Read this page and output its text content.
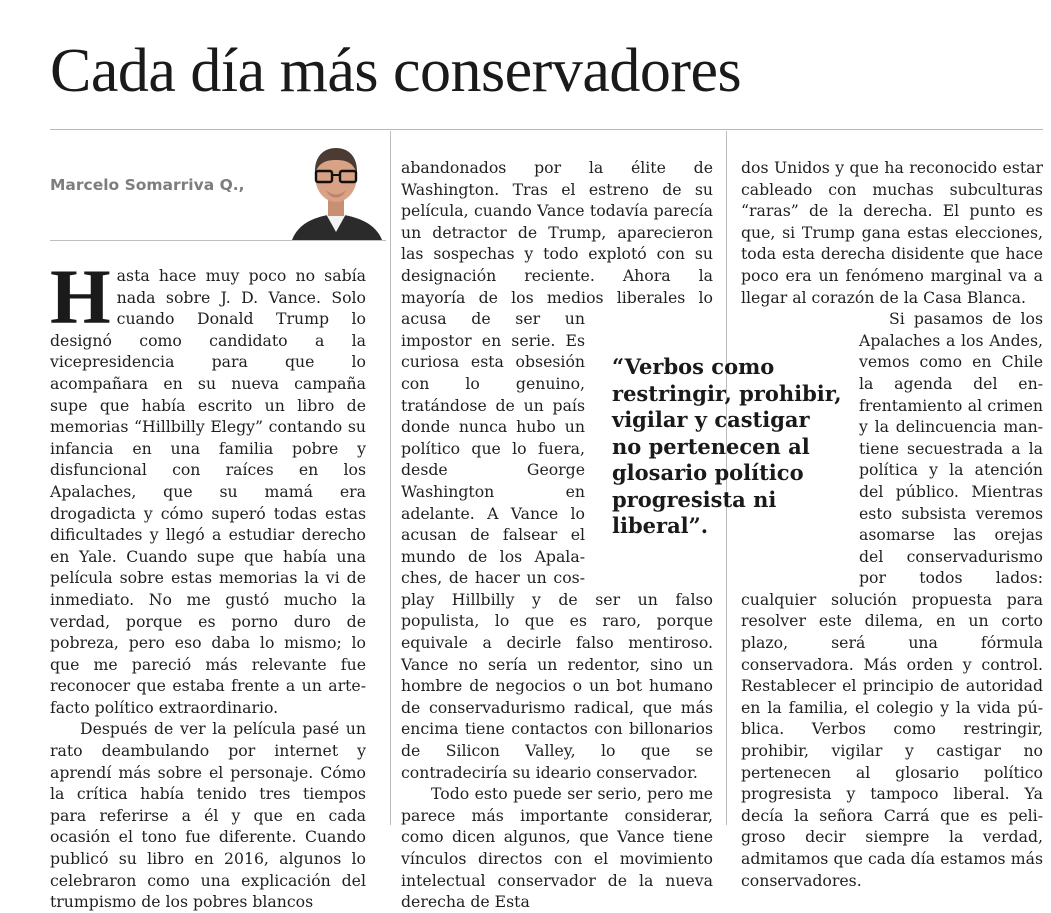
Cada día más conservadores

Marcelo Somarriva Q.,

H asta hace muy poco no sabía nada sobre J. D. Vance. Solo cuando Donald Trump lo designó como candidato a la vicepresidencia para que lo acompañara en su nueva campaña supe que había escrito un libro de memorias “Hillbilly Elegy” contando su infancia en una familia pobre y disfuncional con raíces en los Apalaches, que su mamá era drogadicta y cómo superó todas estas dificultades y llegó a estudiar derecho en Yale. Cuando supe que había una película sobre estas memorias la vi de inmediato. No me gustó mucho la verdad, porque es porno duro de pobreza, pero eso daba lo mismo; lo que me pareció más relevante fue reconocer que estaba frente a un artefacto político extraordinario.

Después de ver la película pasé un rato deambulando por internet y aprendí más sobre el personaje. Cómo la crítica había tenido tres tiempos para referirse a él y que en cada ocasión el tono fue diferente. Cuando publicó su libro en 2016, algunos lo celebraron como una explicación del trumpismo de los pobres blancos

abandonados por la élite de Washington. Tras el estreno de su película, cuando Vance todavía parecía un detractor de Trump, aparecieron las sospechas y todo explotó con su designación reciente. Ahora la mayoría de los medios liberales lo acusa de ser un impostor en serie. Es curiosa esta obsesión con lo genuino, tratándose de un país donde nunca hubo un político que lo fuera, desde George Washington en adelante. A Vance lo acusan de falsear el mundo de los Apalaches, de hacer un cosplay Hillbilly y de ser un falso populista, lo que es raro, porque equivale a decirle falso mentiroso. Vance no sería un redentor, sino un hombre de negocios o un bot humano de conservadurismo radical, que más encima tiene contactos con billonarios de Silicon Valley, lo que se contradeciría su ideario conservador.

Todo esto puede ser serio, pero me parece más importante considerar, como dicen algunos, que Vance tiene vínculos directos con el movimiento intelectual conservador de la nueva derecha de Esta

dos Unidos y que ha reconocido estar cableado con muchas subculturas “raras” de la derecha. El punto es que, si Trump gana estas elecciones, toda esta derecha disidente que hace poco era un fenómeno marginal va a llegar al corazón de la Casa Blanca.

Si pasamos de los Apalaches a los Andes, vemos como en Chile la agenda del enfrentamiento al crimen y la delincuencia mantiene secuestrada a la política y la atención del público. Mientras esto subsista veremos asomarse las orejas del conservadurismo por todos lados: cualquier solución propuesta para resolver este dilema, en un corto plazo, será una fórmula conservadora. Más orden y control. Restablecer el principio de autoridad en la familia, el colegio y la vida pública. Verbos como restringir, prohibir, vigilar y castigar no pertenecen al glosario político progresista y tampoco liberal. Ya decía la señora Carrá que es peligroso decir siempre la verdad, admitamos que cada día estamos más conservadores.

“Verbos como
restringir, prohibir,
vigilar y castigar
no pertenecen al
glosario político
progresista ni
liberal”.
